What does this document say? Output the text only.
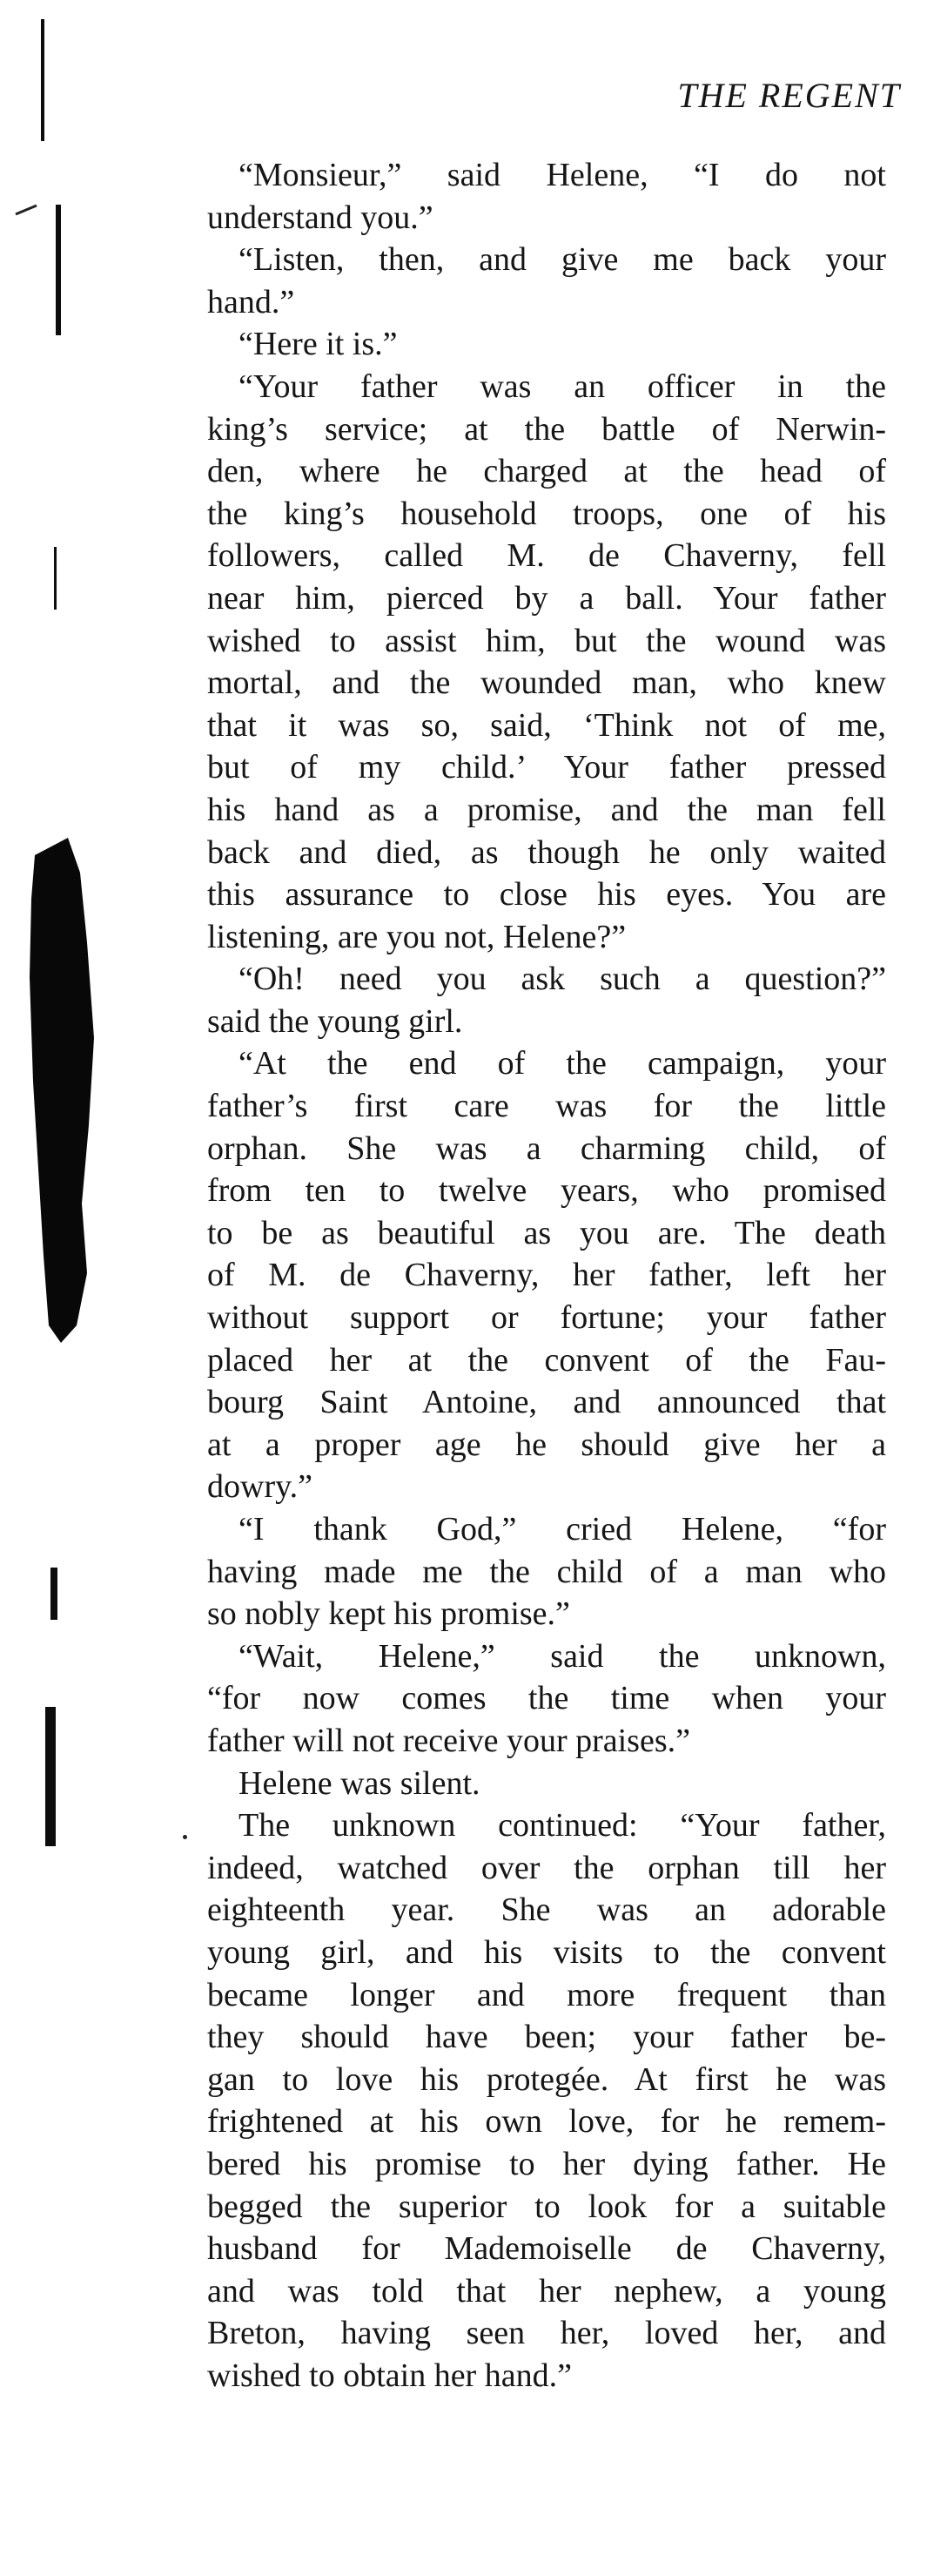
THE REGENT
“Monsieur,” said Helene, “I do not
understand you.”
“Listen, then, and give me back your
hand.”
“Here it is.”
“Your father was an officer in the
king’s service; at the battle of Nerwin-
den, where he charged at the head of
the king’s household troops, one of his
followers, called M. de Chaverny, fell
near him, pierced by a ball. Your father
wished to assist him, but the wound was
mortal, and the wounded man, who knew
that it was so, said, ‘Think not of me,
but of my child.’ Your father pressed
his hand as a promise, and the man fell
back and died, as though he only waited
this assurance to close his eyes. You are
listening, are you not, Helene?”
“Oh! need you ask such a question?”
said the young girl.
“At the end of the campaign, your
father’s first care was for the little
orphan. She was a charming child, of
from ten to twelve years, who promised
to be as beautiful as you are. The death
of M. de Chaverny, her father, left her
without support or fortune; your father
placed her at the convent of the Fau-
bourg Saint Antoine, and announced that
at a proper age he should give her a
dowry.”
“I thank God,” cried Helene, “for
having made me the child of a man who
so nobly kept his promise.”
“Wait, Helene,” said the unknown,
“for now comes the time when your
father will not receive your praises.”
Helene was silent.
The unknown continued: “Your father,
indeed, watched over the orphan till her
eighteenth year. She was an adorable
young girl, and his visits to the convent
became longer and more frequent than
they should have been; your father be-
gan to love his protegée. At first he was
frightened at his own love, for he remem-
bered his promise to her dying father. He
begged the superior to look for a suitable
husband for Mademoiselle de Chaverny,
and was told that her nephew, a young
Breton, having seen her, loved her, and
wished to obtain her hand.”
